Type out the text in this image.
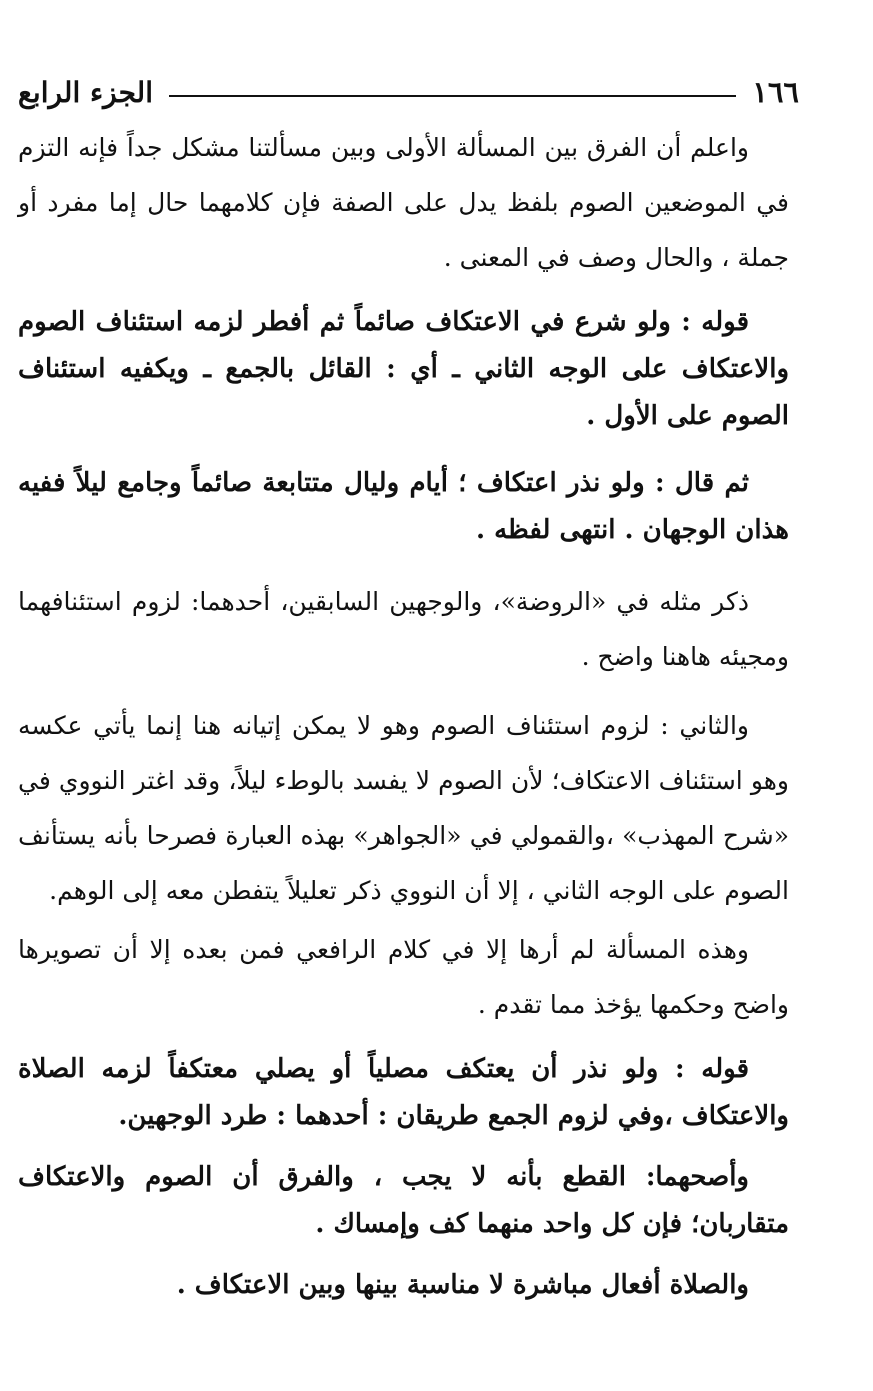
١٦٦
الجزء الرابع

واعلم أن الفرق بين المسألة الأولى وبين مسألتنا مشكل جداً فإنه التزم في الموضعين الصوم بلفظ يدل على الصفة فإن كلامهما حال إما مفرد أو جملة ، والحال وصف في المعنى .

قوله : ولو شرع في الاعتكاف صائماً ثم أفطر لزمه استئناف الصوم والاعتكاف على الوجه الثاني ـ أي : القائل بالجمع ـ ويكفيه استئناف الصوم على الأول .

ثم قال : ولو نذر اعتكاف ؛ أيام وليال متتابعة صائماً وجامع ليلاً ففيه هذان الوجهان . انتهى لفظه .

ذكر مثله في «الروضة»، والوجهين السابقين، أحدهما: لزوم استئنافهما ومجيئه هاهنا واضح .

والثاني : لزوم استئناف الصوم وهو لا يمكن إتيانه هنا إنما يأتي عكسه وهو استئناف الاعتكاف؛ لأن الصوم لا يفسد بالوطء ليلاً، وقد اغتر النووي في «شرح المهذب» ،والقمولي في «الجواهر» بهذه العبارة فصرحا بأنه يستأنف الصوم على الوجه الثاني ، إلا أن النووي ذكر تعليلاً يتفطن معه إلى الوهم.

وهذه المسألة لم أرها إلا في كلام الرافعي فمن بعده إلا أن تصويرها واضح وحكمها يؤخذ مما تقدم .

قوله : ولو نذر أن يعتكف مصلياً أو يصلي معتكفاً لزمه الصلاة والاعتكاف ،وفي لزوم الجمع طريقان : أحدهما : طرد الوجهين.

وأصحهما: القطع بأنه لا يجب ، والفرق أن الصوم والاعتكاف متقاربان؛ فإن كل واحد منهما كف وإمساك .

والصلاة أفعال مباشرة لا مناسبة بينها وبين الاعتكاف .
